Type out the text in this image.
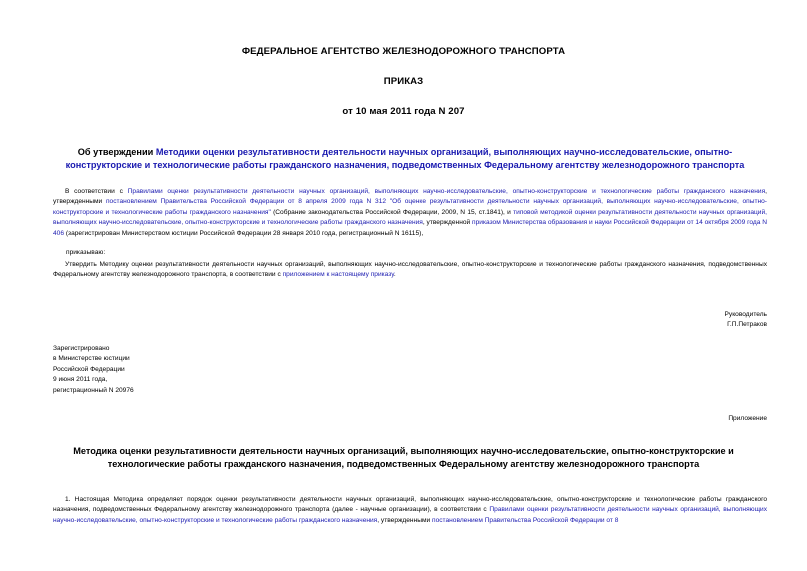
ФЕДЕРАЛЬНОЕ АГЕНТСТВО ЖЕЛЕЗНОДОРОЖНОГО ТРАНСПОРТА
ПРИКАЗ
от 10 мая 2011 года N 207
Об утверждении Методики оценки результативности деятельности научных организаций, выполняющих научно-исследовательские, опытно-конструкторские и технологические работы гражданского назначения, подведомственных Федеральному агентству железнодорожного транспорта
В соответствии с Правилами оценки результативности деятельности научных организаций, выполняющих научно-исследовательские, опытно-конструкторские и технологические работы гражданского назначения, утвержденными постановлением Правительства Российской Федерации от 8 апреля 2009 года N 312 "Об оценке результативности деятельности научных организаций, выполняющих научно-исследовательские, опытно-конструкторские и технологические работы гражданского назначения" (Собрание законодательства Российской Федерации, 2009, N 15, ст.1841), и типовой методикой оценки результативности деятельности научных организаций, выполняющих научно-исследовательские, опытно-конструкторские и технологические работы гражданского назначения, утвержденной приказом Министерства образования и науки Российской Федерации от 14 октября 2009 года N 406 (зарегистрирован Министерством юстиции Российской Федерации 28 января 2010 года, регистрационный N 16115),
приказываю:
Утвердить Методику оценки результативности деятельности научных организаций, выполняющих научно-исследовательские, опытно-конструкторские и технологические работы гражданского назначения, подведомственных Федеральному агентству железнодорожного транспорта, в соответствии с приложением к настоящему приказу.
Руководитель
Г.П.Петраков
Зарегистрировано
в Министерстве юстиции
Российской Федерации
9 июня 2011 года,
регистрационный N 20976
Приложение
Методика оценки результативности деятельности научных организаций, выполняющих научно-исследовательские, опытно-конструкторские и технологические работы гражданского назначения, подведомственных Федеральному агентству железнодорожного транспорта
1. Настоящая Методика определяет порядок оценки результативности деятельности научных организаций, выполняющих научно-исследовательские, опытно-конструкторские и технологические работы гражданского назначения, подведомственных Федеральному агентству железнодорожного транспорта (далее - научные организации), в соответствии с Правилами оценки результативности деятельности научных организаций, выполняющих научно-исследовательские, опытно-конструкторские и технологические работы гражданского назначения, утвержденными постановлением Правительства Российской Федерации от 8
